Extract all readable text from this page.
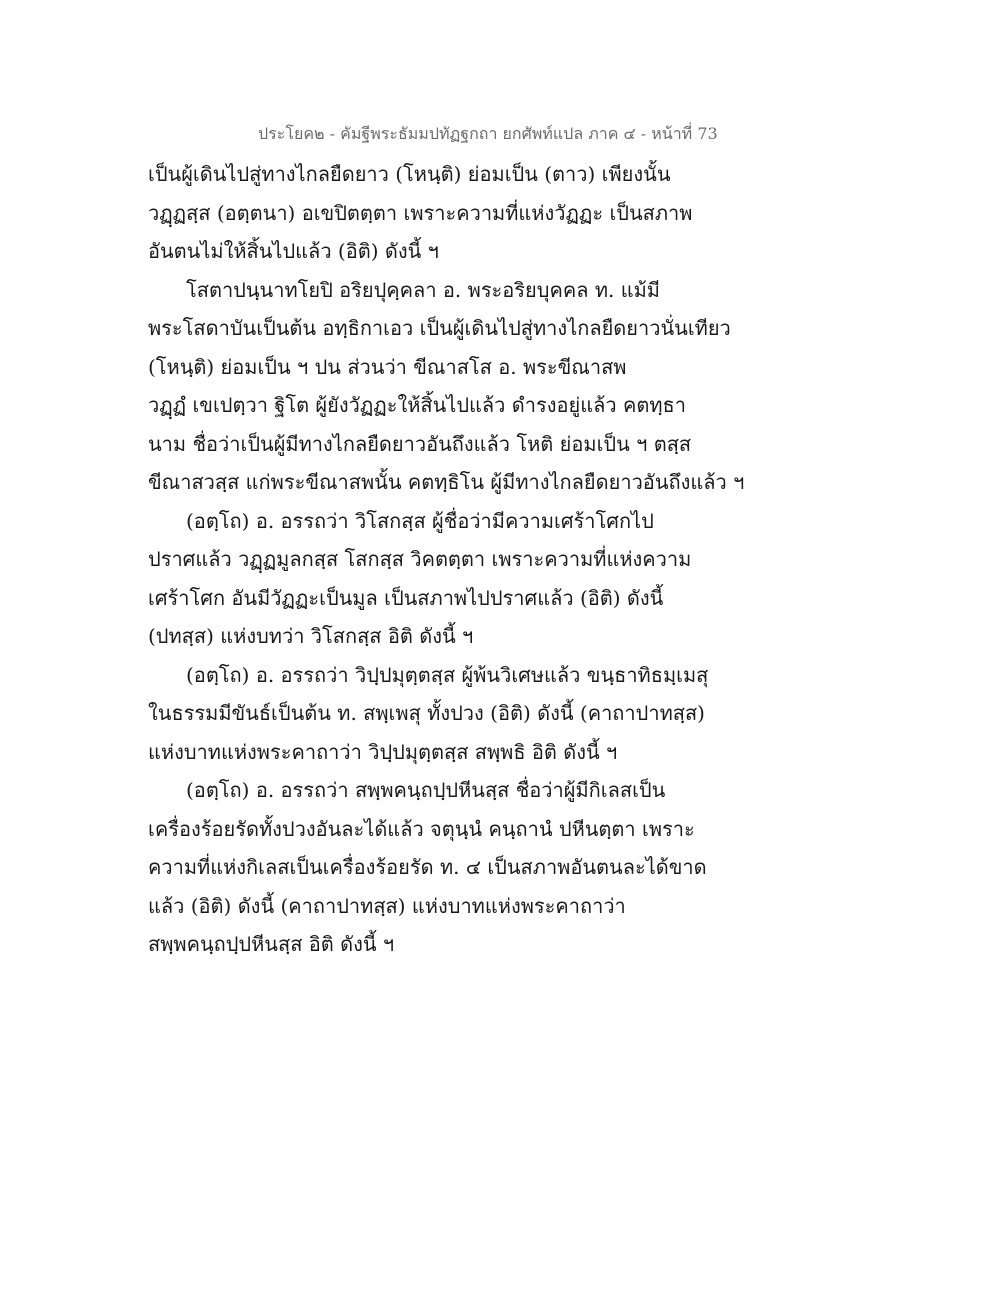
ประโยค๒ - คัมฐีพระธัมมปทัฏฐกถา ยกศัพท์แปล ภาค ๔ - หน้าที่ 73
เป็นผู้เดินไปสู่ทางไกลยืดยาว (โหนฺติ) ย่อมเป็น (ตาว) เพียงนั้น
วฏฺฏสฺส (อตฺตนา) อเขปิตตฺตา เพราะความที่แห่งวัฏฏะ เป็นสภาพ
อันตนไม่ให้สิ้นไปแล้ว (อิติ) ดังนี้ ฯ
โสตาปนฺนาทโยปิ อริยปุคฺคลา อ. พระอริยบุคคล ท. แม้มี
พระโสดาบันเป็นต้น อทฺธิกาเอว เป็นผู้เดินไปสู่ทางไกลยืดยาวนั่นเทียว
(โหนฺติ) ย่อมเป็น ฯ ปน ส่วนว่า ขีณาสโส อ. พระขีณาสพ
วฏฺฏํ เขเปตฺวา ฐิโต ผู้ยังวัฏฏะให้สิ้นไปแล้ว ดำรงอยู่แล้ว คตทฺธา
นาม ชื่อว่าเป็นผู้มีทางไกลยืดยาวอันถึงแล้ว โหติ ย่อมเป็น ฯ ตสฺส
ขีณาสวสฺส แก่พระขีณาสพนั้น คตทฺธิโน ผู้มีทางไกลยืดยาวอันถึงแล้ว ฯ
(อตฺโถ) อ. อรรถว่า วิโสกสฺส ผู้ชื่อว่ามีความเศร้าโศกไป
ปราศแล้ว วฏฺฏมูลกสฺส โสกสฺส วิคตตฺตา เพราะความที่แห่งความ
เศร้าโศก อันมีวัฏฏะเป็นมูล เป็นสภาพไปปราศแล้ว (อิติ) ดังนี้
(ปทสฺส) แห่งบทว่า วิโสกสฺส อิติ ดังนี้ ฯ
(อตฺโถ) อ. อรรถว่า วิปฺปมุตฺตสฺส ผู้พ้นวิเศษแล้ว ขนฺธาทิธมฺเมสุ
ในธรรมมีขันธ์เป็นต้น ท. สพฺเพสุ ทั้งปวง (อิติ) ดังนี้ (คาถาปาทสฺส)
แห่งบาทแห่งพระคาถาว่า วิปฺปมุตฺตสฺส สพฺพธิ อิติ ดังนี้ ฯ
(อตฺโถ) อ. อรรถว่า สพฺพคนฺถปฺปหีนสฺส ชื่อว่าผู้มีกิเลสเป็น
เครื่องร้อยรัดทั้งปวงอันละได้แล้ว จตุนฺนํ คนฺถานํ ปหีนตฺตา เพราะ
ความที่แห่งกิเลสเป็นเครื่องร้อยรัด ท. ๔ เป็นสภาพอันตนละได้ขาด
แล้ว (อิติ) ดังนี้ (คาถาปาทสฺส) แห่งบาทแห่งพระคาถาว่า
สพฺพคนฺถปฺปหีนสฺส อิติ ดังนี้ ฯ
